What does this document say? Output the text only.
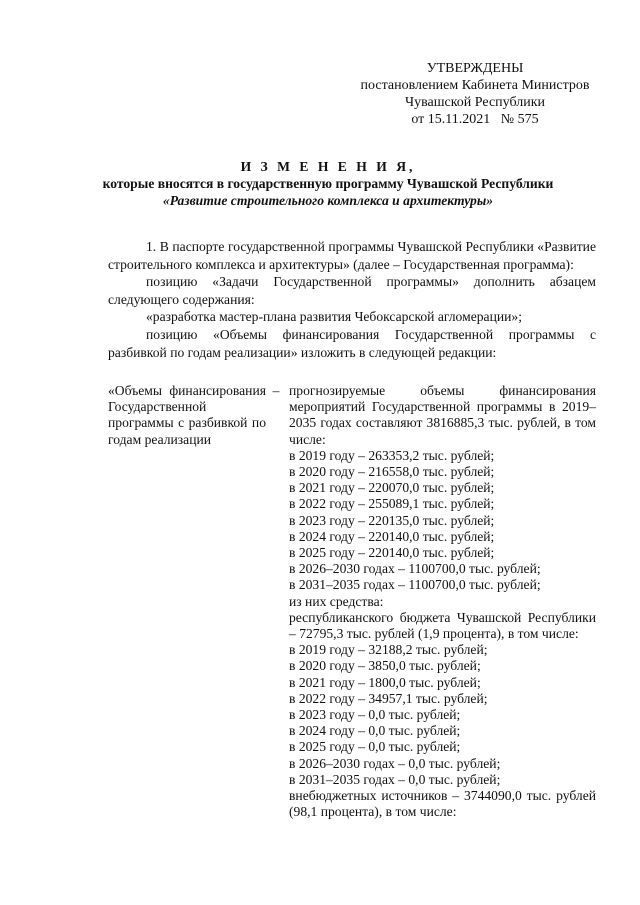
УТВЕРЖДЕНЫ
постановлением Кабинета Министров
Чувашской Республики
от 15.11.2021   № 575
И З М Е Н Е Н И Я,
которые вносятся в государственную программу Чувашской Республики
«Развитие строительного комплекса и архитектуры»

1. В паспорте государственной программы Чувашской Республики «Развитие строительного комплекса и архитектуры» (далее – Государственная программа):

позицию «Задачи Государственной программы» дополнить абзацем следующего содержания:

«разработка мастер-плана развития Чебоксарской агломерации»;

позицию «Объемы финансирования Государственной программы с разбивкой по годам реализации» изложить в следующей редакции:

«Объемы финансирования Государственной программы с разбивкой по годам реализации
– прогнозируемые объемы финансирования мероприятий Государственной программы в 2019–2035 годах составляют 3816885,3 тыс. рублей, в том числе:
в 2019 году – 263353,2 тыс. рублей;
в 2020 году – 216558,0 тыс. рублей;
в 2021 году – 220070,0 тыс. рублей;
в 2022 году – 255089,1 тыс. рублей;
в 2023 году – 220135,0 тыс. рублей;
в 2024 году – 220140,0 тыс. рублей;
в 2025 году – 220140,0 тыс. рублей;
в 2026–2030 годах – 1100700,0 тыс. рублей;
в 2031–2035 годах – 1100700,0 тыс. рублей;
из них средства:
республиканского бюджета Чувашской Республики – 72795,3 тыс. рублей (1,9 процента), в том числе:
в 2019 году – 32188,2 тыс. рублей;
в 2020 году – 3850,0 тыс. рублей;
в 2021 году – 1800,0 тыс. рублей;
в 2022 году – 34957,1 тыс. рублей;
в 2023 году – 0,0 тыс. рублей;
в 2024 году – 0,0 тыс. рублей;
в 2025 году – 0,0 тыс. рублей;
в 2026–2030 годах – 0,0 тыс. рублей;
в 2031–2035 годах – 0,0 тыс. рублей;
внебюджетных источников – 3744090,0 тыс. рублей (98,1 процента), в том числе:
